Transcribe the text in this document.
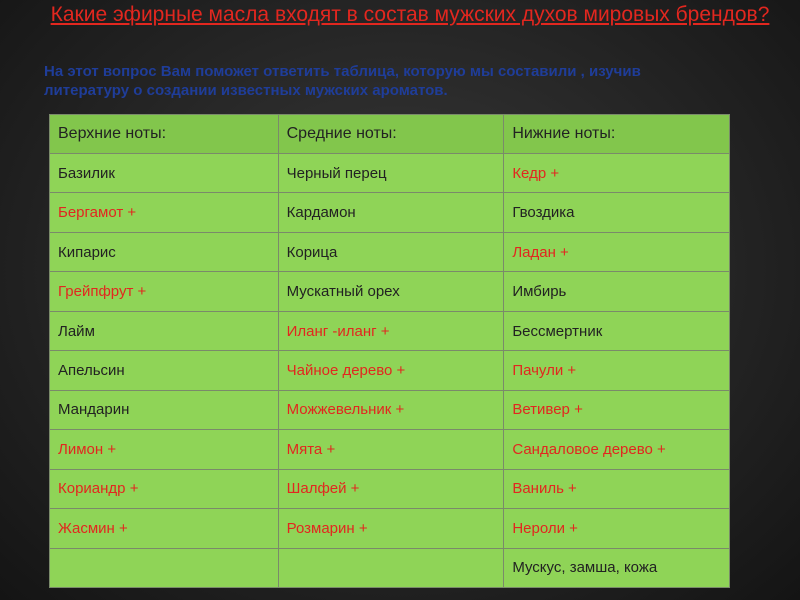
Какие эфирные масла входят в состав мужских духов мировых брендов?
На этот вопрос Вам поможет ответить таблица, которую мы составили , изучив
литературу о создании известных мужских ароматов.
Верхние ноты:	Средние ноты:	Нижние ноты:
Базилик	Черный перец	Кедр +
Бергамот +	Кардамон	Гвоздика
Кипарис	Корица	Ладан +
Грейпфрут +	Мускатный орех	Имбирь
Лайм	Иланг -иланг +	Бессмертник
Апельсин	Чайное дерево +	Пачули +
Мандарин	Можжевельник +	Ветивер +
Лимон +	Мята +	Сандаловое дерево +
Кориандр +	Шалфей +	Ваниль +
Жасмин +	Розмарин +	Нероли +
		Мускус, замша, кожа
